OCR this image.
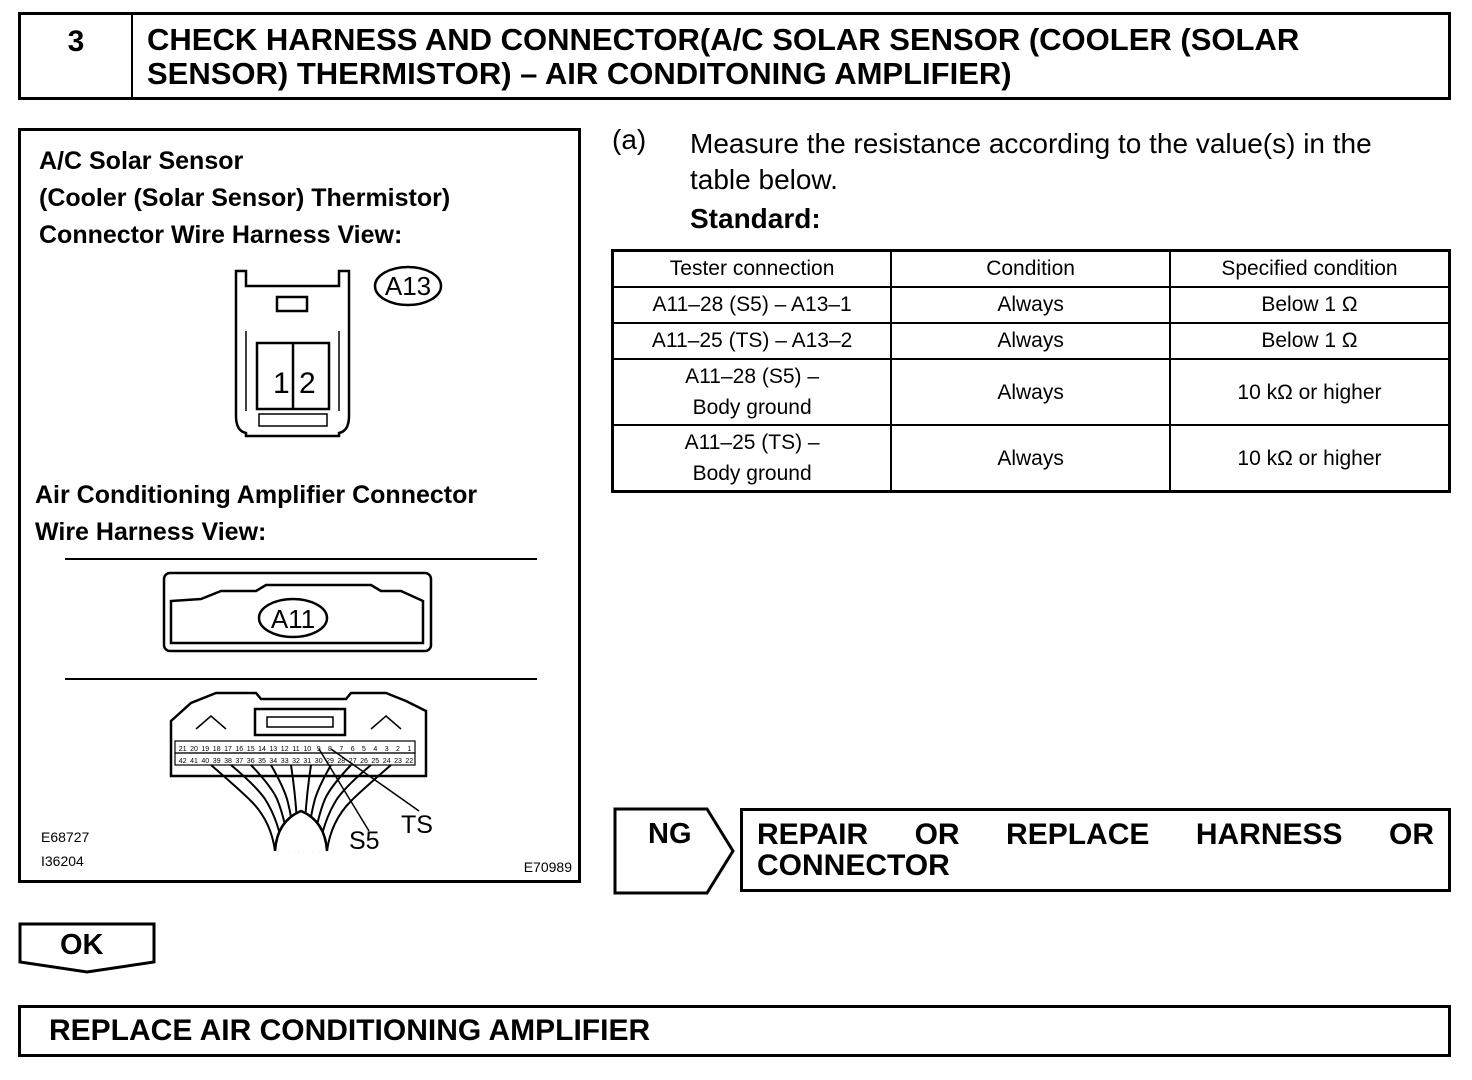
3	CHECK HARNESS AND CONNECTOR(A/C SOLAR SENSOR (COOLER (SOLAR SENSOR) THERMISTOR) – AIR CONDITONING AMPLIFIER)
A/C Solar Sensor
(Cooler (Solar Sensor) Thermistor)
Connector Wire Harness View:
Air Conditioning Amplifier Connector
Wire Harness View:
1 2
A13
A11
21 20 19 18 17 16 15 14 13 12 11 10 9 8 7 6 5 4 3 2 1
42 41 40 39 38 37 36 35 34 33 32 31 30 29 28 27 26 25 24 23 22
S5
TS
E68727
I36204	E70989
(a) Measure the resistance according to the value(s) in the
table below.
Standard:
Tester connection	Condition	Specified condition
A11–28 (S5) – A13–1	Always	Below 1 Ω
A11–25 (TS) – A13–2	Always	Below 1 Ω

A11–28 (S5) –
Body ground	Always	10 kΩ or higher

A11–25 (TS) –
Body ground	Always	10 kΩ or higher
NG REPAIR OR REPLACE HARNESS OR CONNECTOR
OK
REPLACE AIR CONDITIONING AMPLIFIER
